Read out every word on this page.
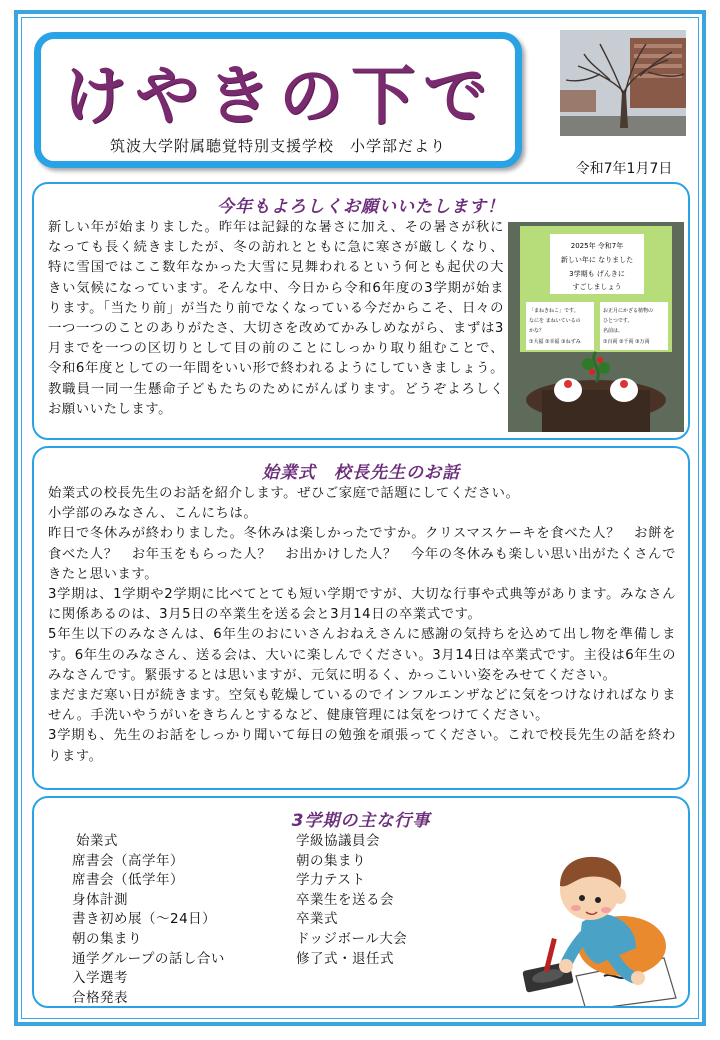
けやきの下で
筑波大学附属聴覚特別支援学校　小学部だより
令和7年1月7日
今年もよろしくお願いいたします！
新しい年が始まりました。昨年は記録的な暑さに加え、その暑さが秋になっても長く続きましたが、冬の訪れとともに急に寒さが厳しくなり、特に雪国ではここ数年なかった大雪に見舞われるという何とも起伏の大きい気候になっています。そんな中、今日から令和6年度の3学期が始まります。「当たり前」が当たり前でなくなっている今だからこそ、日々の一つ一つのことのありがたさ、大切さを改めてかみしめながら、まずは3月までを一つの区切りとして目の前のことにしっかり取り組むことで、令和6年度としての一年間をいい形で終われるようにしていきましょう。教職員一同一生懸命子どもたちのためにがんばります。どうぞよろしくお願いいたします。
2025年 令和7年
新しい年に なりました
3学期も げんきに
すごしましょう
「まねきねこ」です。
なにを まねいているの
かな？
①大福 ②幸福 ③ねずみ
お正月にかざる植物の
ひとつです。
名前は、
①百両 ②千両 ③万両
始業式　校長先生のお話

始業式の校長先生のお話を紹介します。ぜひご家庭で話題にしてください。

小学部のみなさん、こんにちは。

昨日で冬休みが終わりました。冬休みは楽しかったですか。クリスマスケーキを食べた人？　お餅を食べた人？　お年玉をもらった人？　お出かけした人？　今年の冬休みも楽しい思い出がたくさんできたと思います。

3学期は、1学期や2学期に比べてとても短い学期ですが、大切な行事や式典等があります。みなさんに関係あるのは、3月5日の卒業生を送る会と3月14日の卒業式です。

5年生以下のみなさんは、6年生のおにいさんおねえさんに感謝の気持ちを込めて出し物を準備します。6年生のみなさん、送る会は、大いに楽しんでください。3月14日は卒業式です。主役は6年生のみなさんです。緊張するとは思いますが、元気に明るく、かっこいい姿をみせてください。

まだまだ寒い日が続きます。空気も乾燥しているのでインフルエンザなどに気をつけなければなりません。手洗いやうがいをきちんとするなど、健康管理には気をつけてください。

3学期も、先生のお話をしっかり聞いて毎日の勉強を頑張ってください。これで校長先生の話を終わります。

3学期の主な行事
始業式
席書会（高学年）
席書会（低学年）
身体計測
書き初め展（～24日）
朝の集まり
通学グループの話し合い
入学選考
合格発表
学級協議員会
朝の集まり
学力テスト
卒業生を送る会
卒業式
ドッジボール大会
修了式・退任式
